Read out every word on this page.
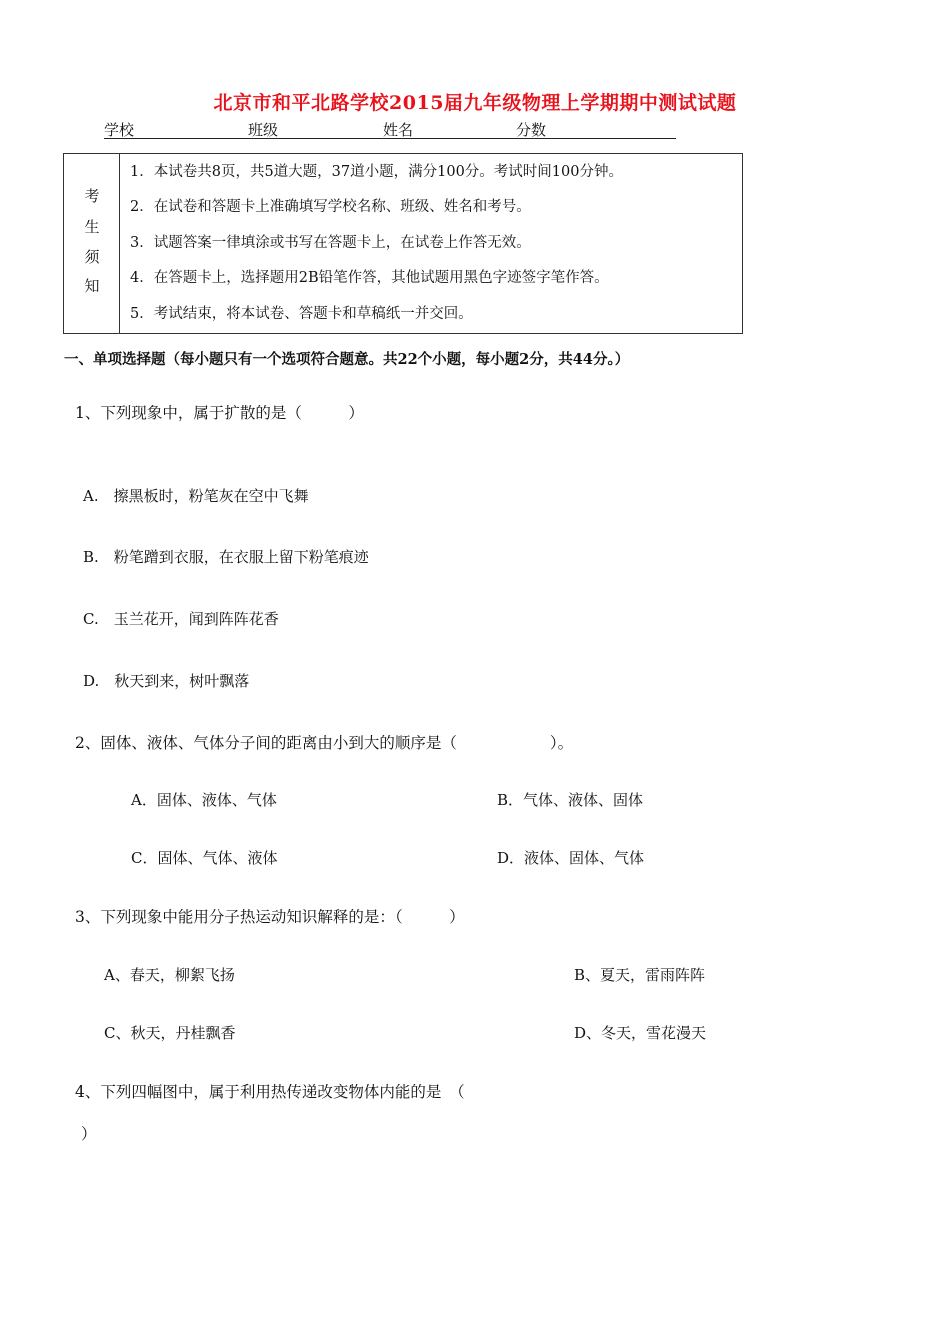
北京市和平北路学校2015届九年级物理上学期期中测试试题
学校	班级	姓名	分数
考
生
须
知
1．本试卷共8页，共5道大题，37道小题，满分100分。考试时间100分钟。
2．在试卷和答题卡上准确填写学校名称、班级、姓名和考号。
3．试题答案一律填涂或书写在答题卡上，在试卷上作答无效。
4．在答题卡上，选择题用2B铅笔作答，其他试题用黑色字迹签字笔作答。
5．考试结束，将本试卷、答题卡和草稿纸一并交回。
一、单项选择题（每小题只有一个选项符合题意。共22个小题，每小题2分，共44分。）
1、下列现象中，属于扩散的是（　　　）
A.　擦黑板时，粉笔灰在空中飞舞
B.　粉笔蹭到衣服，在衣服上留下粉笔痕迹
C.　玉兰花开，闻到阵阵花香
D.　秋天到来，树叶飘落
2、固体、液体、气体分子间的距离由小到大的顺序是（　　　　　　）。
A．固体、液体、气体	B．气体、液体、固体
C．固体、气体、液体	D．液体、固体、气体
3、下列现象中能用分子热运动知识解释的是：（　　　）
A、春天，柳絮飞扬	B、夏天，雷雨阵阵
C、秋天，丹桂飘香	D、冬天，雪花漫天
4、下列四幅图中，属于利用热传递改变物体内能的是　（
）
